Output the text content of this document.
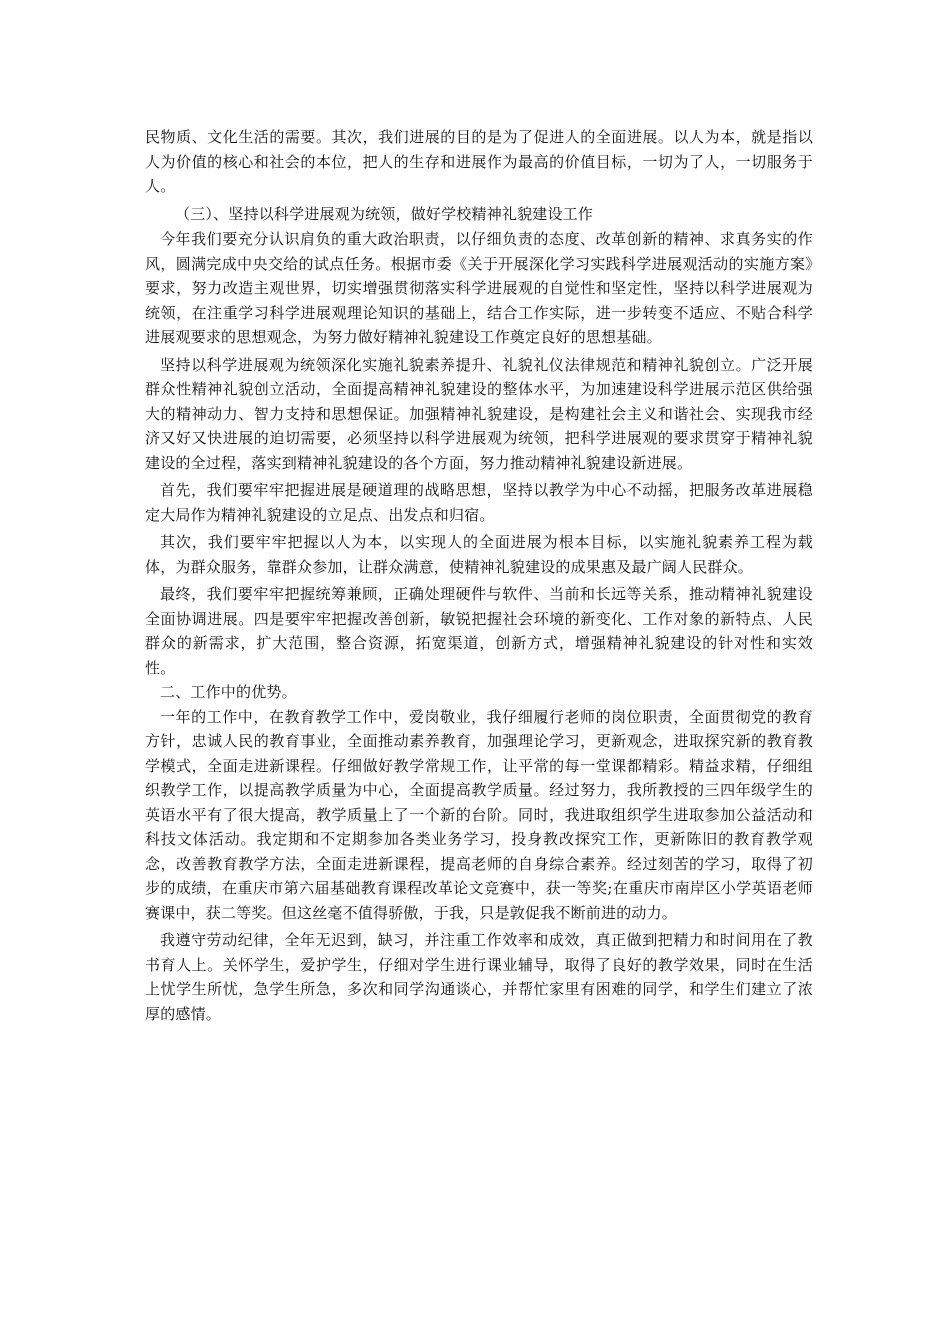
民物质、文化生活的需要。其次，我们进展的目的是为了促进人的全面进展。以人为本，就是指以人为价值的核心和社会的本位，把人的生存和进展作为最高的价值目标，一切为了人，一切服务于人。

（三）、坚持以科学进展观为统领，做好学校精神礼貌建设工作

今年我们要充分认识肩负的重大政治职责，以仔细负责的态度、改革创新的精神、求真务实的作风，圆满完成中央交给的试点任务。根据市委《关于开展深化学习实践科学进展观活动的实施方案》要求，努力改造主观世界，切实增强贯彻落实科学进展观的自觉性和坚定性，坚持以科学进展观为统领，在注重学习科学进展观理论知识的基础上，结合工作实际，进一步转变不适应、不贴合科学进展观要求的思想观念，为努力做好精神礼貌建设工作奠定良好的思想基础。

坚持以科学进展观为统领深化实施礼貌素养提升、礼貌礼仪法律规范和精神礼貌创立。广泛开展群众性精神礼貌创立活动，全面提高精神礼貌建设的整体水平，为加速建设科学进展示范区供给强大的精神动力、智力支持和思想保证。加强精神礼貌建设，是构建社会主义和谐社会、实现我市经济又好又快进展的迫切需要，必须坚持以科学进展观为统领，把科学进展观的要求贯穿于精神礼貌建设的全过程，落实到精神礼貌建设的各个方面，努力推动精神礼貌建设新进展。

首先，我们要牢牢把握进展是硬道理的战略思想，坚持以教学为中心不动摇，把服务改革进展稳定大局作为精神礼貌建设的立足点、出发点和归宿。

其次，我们要牢牢把握以人为本，以实现人的全面进展为根本目标，以实施礼貌素养工程为载体，为群众服务，靠群众参加，让群众满意，使精神礼貌建设的成果惠及最广阔人民群众。

最终，我们要牢牢把握统筹兼顾，正确处理硬件与软件、当前和长远等关系，推动精神礼貌建设全面协调进展。四是要牢牢把握改善创新，敏锐把握社会环境的新变化、工作对象的新特点、人民群众的新需求，扩大范围，整合资源，拓宽渠道，创新方式，增强精神礼貌建设的针对性和实效性。

二、工作中的优势。

一年的工作中，在教育教学工作中，爱岗敬业，我仔细履行老师的岗位职责，全面贯彻党的教育方针，忠诚人民的教育事业，全面推动素养教育，加强理论学习，更新观念，进取探究新的教育教学模式，全面走进新课程。仔细做好教学常规工作，让平常的每一堂课都精彩。精益求精，仔细组织教学工作，以提高教学质量为中心，全面提高教学质量。经过努力，我所教授的三四年级学生的英语水平有了很大提高，教学质量上了一个新的台阶。同时，我进取组织学生进取参加公益活动和科技文体活动。我定期和不定期参加各类业务学习，投身教改探究工作，更新陈旧的教育教学观念，改善教育教学方法，全面走进新课程，提高老师的自身综合素养。经过刻苦的学习，取得了初步的成绩，在重庆市第六届基础教育课程改革论文竞赛中，获一等奖;在重庆市南岸区小学英语老师赛课中，获二等奖。但这丝毫不值得骄傲，于我，只是敦促我不断前进的动力。

我遵守劳动纪律，全年无迟到，缺习，并注重工作效率和成效，真正做到把精力和时间用在了教书育人上。关怀学生，爱护学生，仔细对学生进行课业辅导，取得了良好的教学效果，同时在生活上忧学生所忧，急学生所急，多次和同学沟通谈心，并帮忙家里有困难的同学，和学生们建立了浓厚的感情。
